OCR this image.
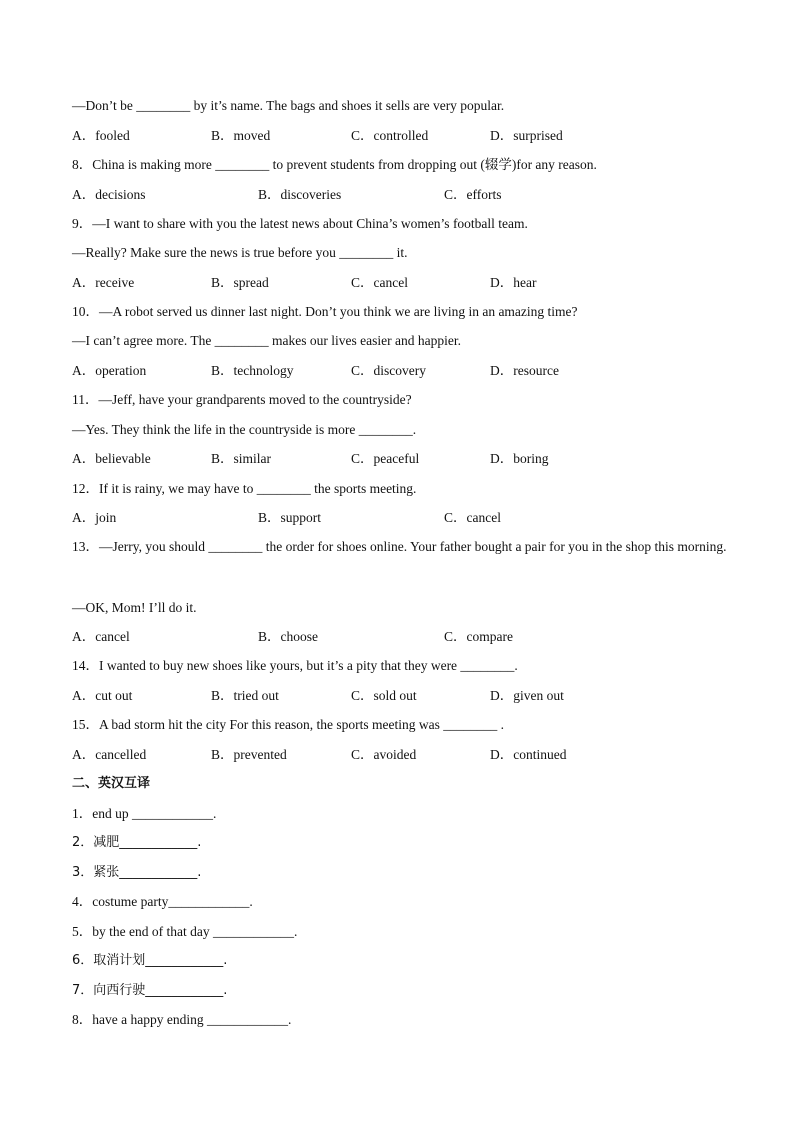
—Don’t be ________ by it’s name. The bags and shoes it sells are very popular.
A．fooled	B．moved	C．controlled	D．surprised
8．China is making more ________ to prevent students from dropping out (辍学)for any reason.
A．decisions	B．discoveries	C．efforts
9．—I want to share with you the latest news about China’s women’s football team.
—Really? Make sure the news is true before you ________ it.
A．receive	B．spread	C．cancel	D．hear
10．—A robot served us dinner last night. Don’t you think we are living in an amazing time?
—I can’t agree more. The ________ makes our lives easier and happier.
A．operation	B．technology	C．discovery	D．resource
11．—Jeff, have your grandparents moved to the countryside?
—Yes. They think the life in the countryside is more ________.
A．believable	B．similar	C．peaceful	D．boring
12．If it is rainy, we may have to ________ the sports meeting.
A．join	B．support	C．cancel
13．—Jerry, you should ________ the order for shoes online. Your father bought a pair for you in the shop this morning.
—OK, Mom! I’ll do it.
A．cancel	B．choose	C．compare
14．I wanted to buy new shoes like yours, but it’s a pity that they were ________.
A．cut out	B．tried out	C．sold out	D．given out
15．A bad storm hit the city For this reason, the sports meeting was ________ .
A．cancelled	B．prevented	C．avoided	D．continued
二、英汉互译
1．end up ____________.
2．减肥____________.
3．紧张____________.
4．costume party____________.
5．by the end of that day ____________.
6．取消计划____________.
7．向西行驶____________.
8．have a happy ending ____________.
